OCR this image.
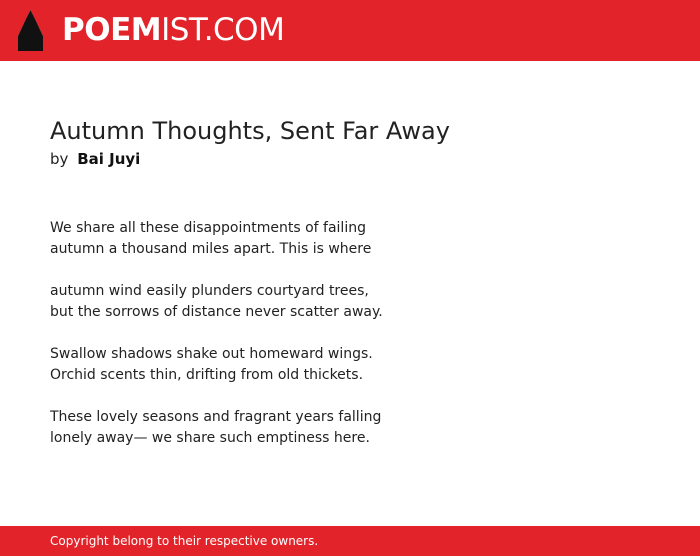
POEMIST.COM
Autumn Thoughts, Sent Far Away
by Bai Juyi
We share all these disappointments of failing
autumn a thousand miles apart. This is where
autumn wind easily plunders courtyard trees,
but the sorrows of distance never scatter away.
Swallow shadows shake out homeward wings.
Orchid scents thin, drifting from old thickets.
These lovely seasons and fragrant years falling
lonely away— we share such emptiness here.
Copyright belong to their respective owners.
